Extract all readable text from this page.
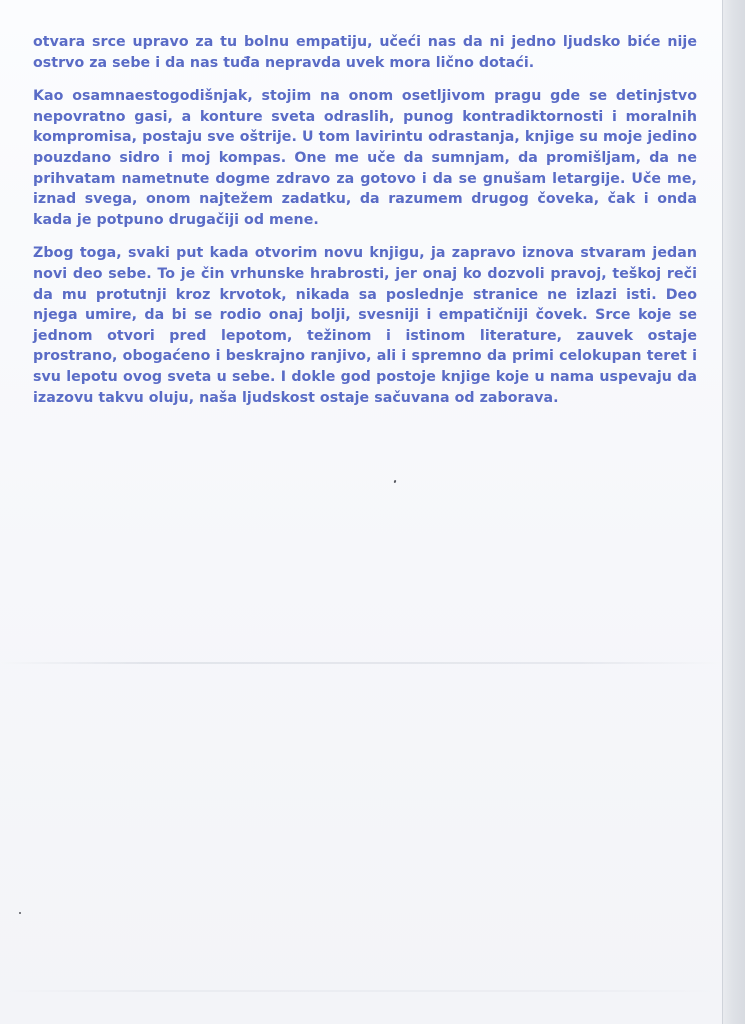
otvara srce upravo za tu bolnu empatiju, učeći nas da ni jedno ljudsko biće nije ostrvo za sebe i da nas tuđa nepravda uvek mora lično dotaći.

Kao osamnaestogodišnjak, stojim na onom osetljivom pragu gde se detinjstvo nepovratno gasi, a konture sveta odraslih, punog kontradiktornosti i moralnih kompromisa, postaju sve oštrije. U tom lavirintu odrastanja, knjige su moje jedino pouzdano sidro i moj kompas. One me uče da sumnjam, da promišljam, da ne prihvatam nametnute dogme zdravo za gotovo i da se gnušam letargije. Uče me, iznad svega, onom najtežem zadatku, da razumem drugog čoveka, čak i onda kada je potpuno drugačiji od mene.

Zbog toga, svaki put kada otvorim novu knjigu, ja zapravo iznova stvaram jedan novi deo sebe. To je čin vrhunske hrabrosti, jer onaj ko dozvoli pravoj, teškoj reči da mu protutnji kroz krvotok, nikada sa poslednje stranice ne izlazi isti. Deo njega umire, da bi se rodio onaj bolji, svesniji i empatičniji čovek. Srce koje se jednom otvori pred lepotom, težinom i istinom literature, zauvek ostaje prostrano, obogaćeno i beskrajno ranjivo, ali i spremno da primi celokupan teret i svu lepotu ovog sveta u sebe. I dokle god postoje knjige koje u nama uspevaju da izazovu takvu oluju, naša ljudskost ostaje sačuvana od zaborava.
